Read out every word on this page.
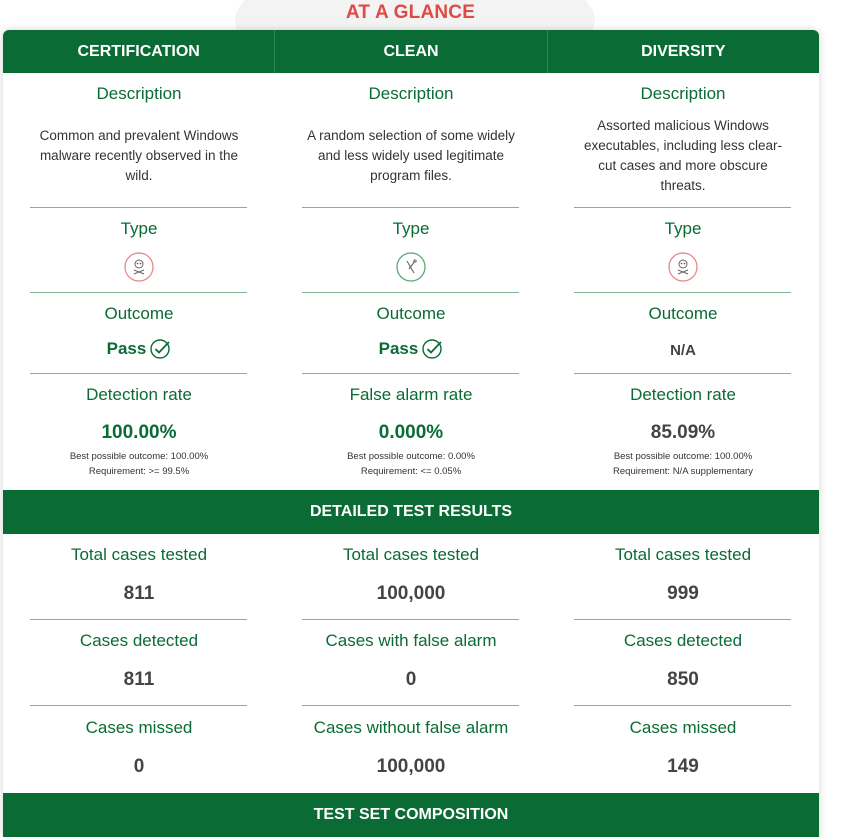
AT A GLANCE
CERTIFICATION	CLEAN	DIVERSITY
Description
Common and prevalent Windows malware recently observed in the wild.
Type
Outcome
Pass
Detection rate
100.00%
Best possible outcome: 100.00%
Requirement: >= 99.5%
Total cases tested
811
Cases detected
811
Cases missed
0
Description
A random selection of some widely and less widely used legitimate program files.
Type
Outcome
Pass
False alarm rate
0.000%
Best possible outcome: 0.00%
Requirement: <= 0.05%
Total cases tested
100,000
Cases with false alarm
0
Cases without false alarm
100,000
Description
Assorted malicious Windows executables, including less clear-cut cases and more obscure threats.
Type
Outcome
N/A
Detection rate
85.09%
Best possible outcome: 100.00%
Requirement: N/A supplementary
Total cases tested
999
Cases detected
850
Cases missed
149
DETAILED TEST RESULTS
TEST SET COMPOSITION
